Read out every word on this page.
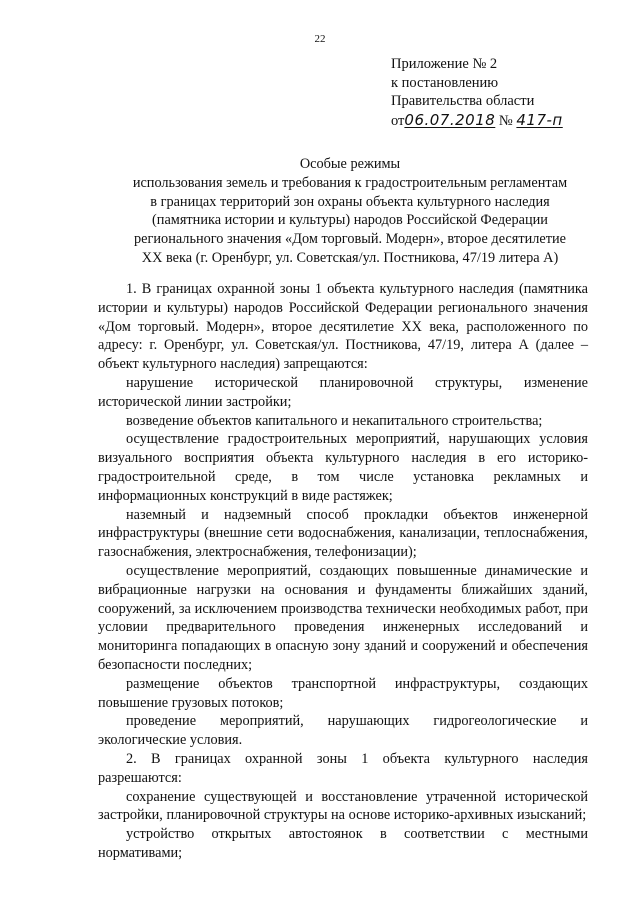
22
Приложение № 2
к постановлению
Правительства области
от06.07.2018 № 417-п
Особые режимы
использования земель и требования к градостроительным регламентам
в границах территорий зон охраны объекта культурного наследия
(памятника истории и культуры) народов Российской Федерации
регионального значения «Дом торговый. Модерн», второе десятилетие
XX века (г. Оренбург, ул. Советская/ул. Постникова, 47/19 литера А)

1. В границах охранной зоны 1 объекта культурного наследия (памятника истории и культуры) народов Российской Федерации регионального значения «Дом торговый. Модерн», второе десятилетие XX века, расположенного по адресу: г. Оренбург, ул. Советская/ул. Постникова, 47/19, литера А (далее – объект культурного наследия) запрещаются:

нарушение исторической планировочной структуры, изменение исторической линии застройки;

возведение объектов капитального и некапитального строительства;

осуществление градостроительных мероприятий, нарушающих условия визуального восприятия объекта культурного наследия в его историко-градостроительной среде, в том числе установка рекламных и информационных конструкций в виде растяжек;

наземный и надземный способ прокладки объектов инженерной инфраструктуры (внешние сети водоснабжения, канализации, теплоснабжения, газоснабжения, электроснабжения, телефонизации);

осуществление мероприятий, создающих повышенные динамические и вибрационные нагрузки на основания и фундаменты ближайших зданий, сооружений, за исключением производства технически необходимых работ, при условии предварительного проведения инженерных исследований и мониторинга попадающих в опасную зону зданий и сооружений и обеспечения безопасности последних;

размещение объектов транспортной инфраструктуры, создающих повышение грузовых потоков;

проведение мероприятий, нарушающих гидрогеологические и экологические условия.

2. В границах охранной зоны 1 объекта культурного наследия разрешаются:

сохранение существующей и восстановление утраченной исторической застройки, планировочной структуры на основе историко-архивных изысканий;

устройство открытых автостоянок в соответствии с местными нормативами;
